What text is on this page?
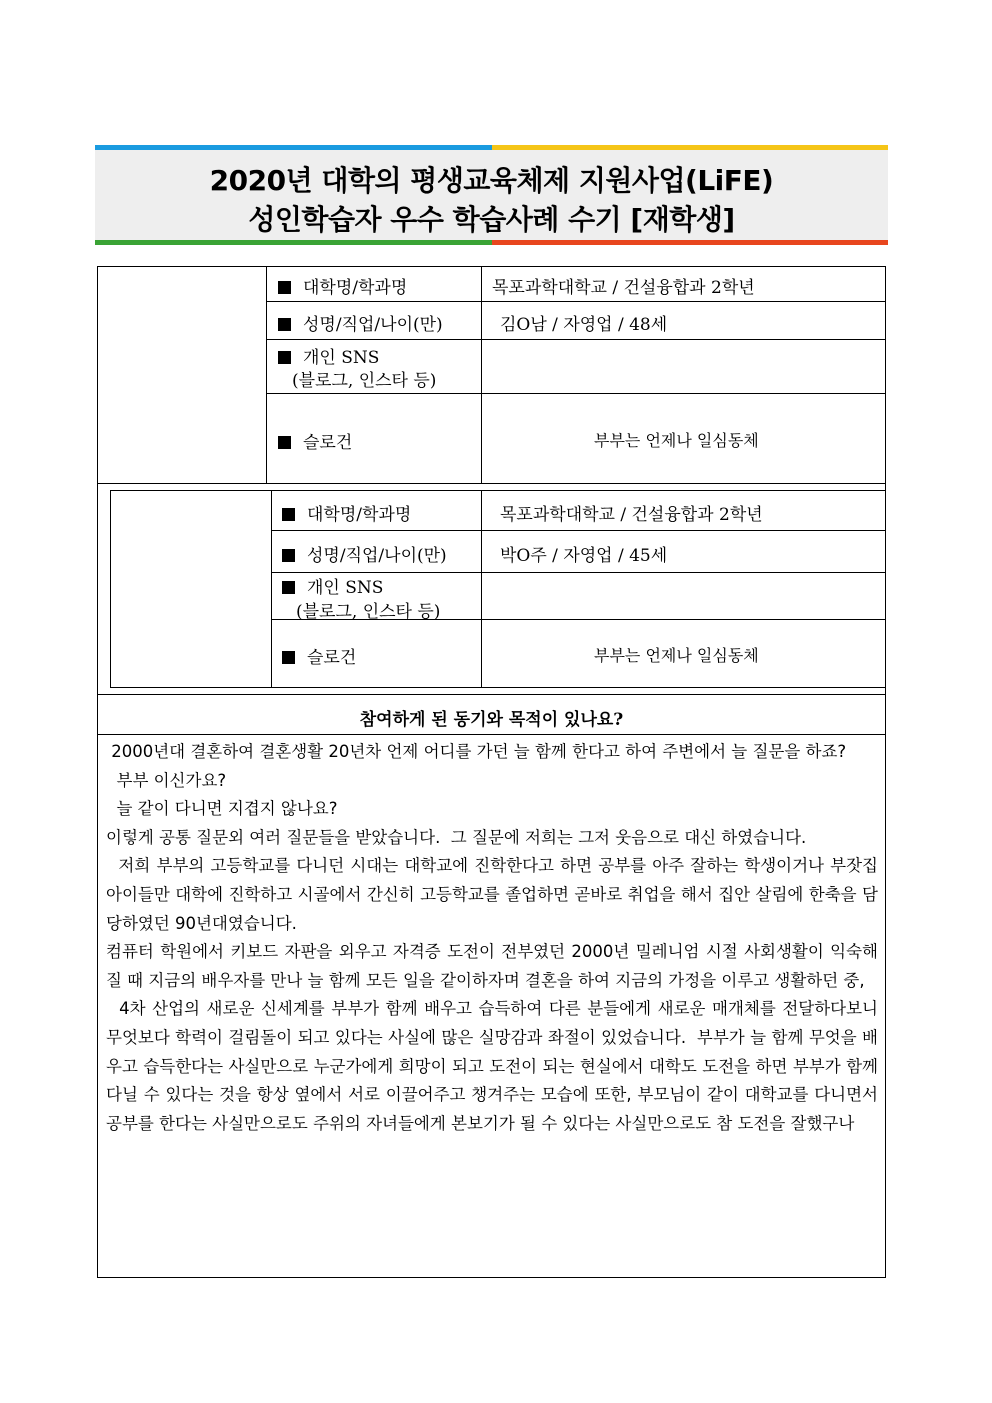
2020년 대학의 평생교육체제 지원사업(LiFE)
성인학습자 우수 학습사례 수기 [재학생]
대학명/학과명	목포과학대학교 / 건설융합과 2학년
성명/직업/나이(만)	김O남 / 자영업 / 48세
개인 SNS
(블로그, 인스타 등)
슬로건	부부는 언제나 일심동체
대학명/학과명	목포과학대학교 / 건설융합과 2학년
성명/직업/나이(만)	박O주 / 자영업 / 45세
개인 SNS
(블로그, 인스타 등)
슬로건	부부는 언제나 일심동체
참여하게 된 동기와 목적이 있나요?

2000년대 결혼하여 결혼생활 20년차 언제 어디를 가던 늘 함께 한다고 하여 주변에서 늘 질문을 하죠?

부부 이신가요?

늘 같이 다니면 지겹지 않나요?

이렇게 공통 질문외 여러 질문들을 받았습니다.  그 질문에 저희는 그저 웃음으로 대신 하였습니다.

저희 부부의 고등학교를 다니던 시대는 대학교에 진학한다고 하면 공부를 아주 잘하는 학생이거나 부잣집 아이들만 대학에 진학하고 시골에서 간신히 고등학교를 졸업하면 곧바로 취업을 해서 집안 살림에 한축을 담당하였던 90년대였습니다.

컴퓨터 학원에서 키보드 자판을 외우고 자격증 도전이 전부였던 2000년 밀레니엄 시절 사회생활이 익숙해질 때 지금의 배우자를 만나 늘 함께 모든 일을 같이하자며 결혼을 하여 지금의 가정을 이루고 생활하던 중,

4차 산업의 새로운 신세계를 부부가 함께 배우고 습득하여 다른 분들에게 새로운 매개체를 전달하다보니 무엇보다 학력이 걸림돌이 되고 있다는 사실에 많은 실망감과 좌절이 있었습니다.  부부가 늘 함께 무엇을 배우고 습득한다는 사실만으로 누군가에게 희망이 되고 도전이 되는 현실에서 대학도 도전을 하면 부부가 함께 다닐 수 있다는 것을 항상 옆에서 서로 이끌어주고 챙겨주는 모습에 또한, 부모님이 같이 대학교를 다니면서 공부를 한다는 사실만으로도 주위의 자녀들에게 본보기가 될 수 있다는 사실만으로도 참 도전을 잘했구나
